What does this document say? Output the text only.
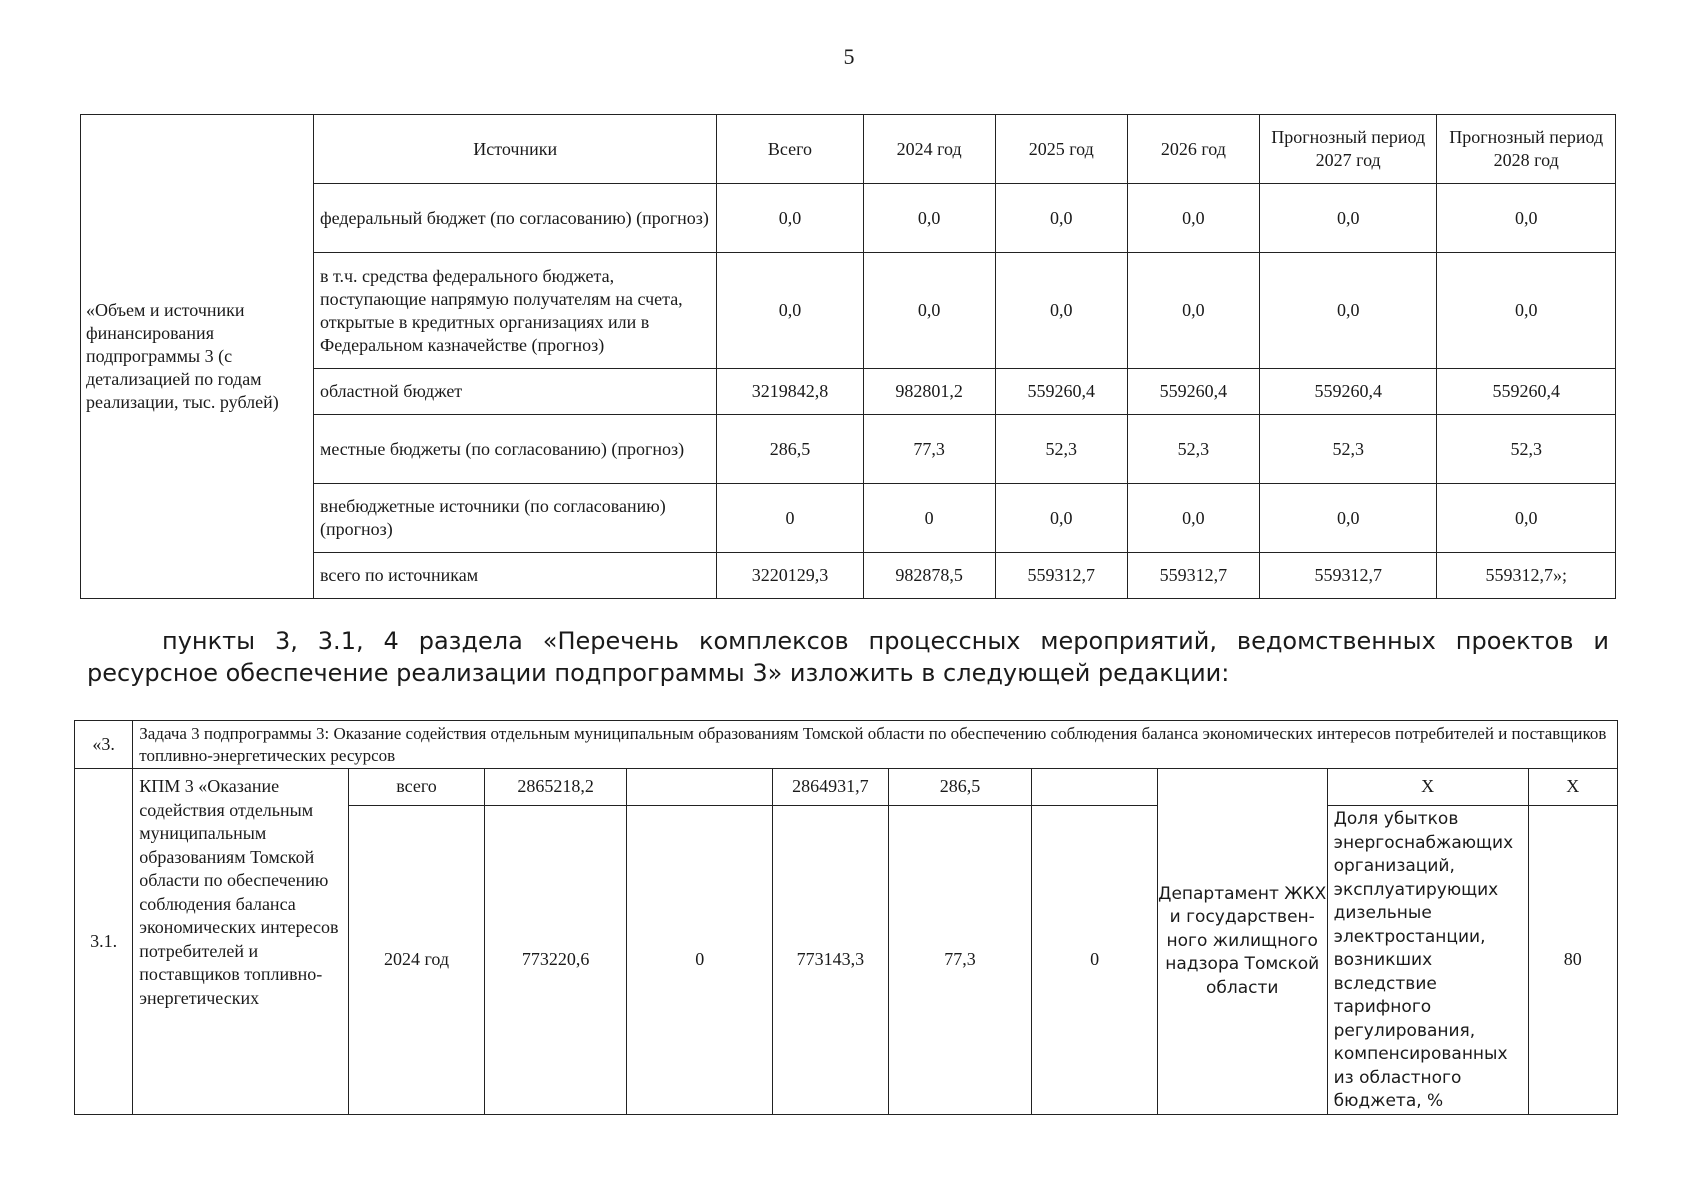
5
«Объем и источники финансирования подпрограммы 3 (с детализацией по годам реализации, тыс. рублей)	Источники	Всего	2024 год	2025 год	2026 год	Прогнозный период 2027 год	Прогнозный период 2028 год
	федеральный бюджет (по согласованию) (прогноз)	0,0	0,0	0,0	0,0	0,0	0,0
	в т.ч. средства федерального бюджета, поступающие напрямую получателям на счета, открытые в кредитных организациях или в Федеральном казначействе (прогноз)	0,0	0,0	0,0	0,0	0,0	0,0
	областной бюджет	3219842,8	982801,2	559260,4	559260,4	559260,4	559260,4
	местные бюджеты (по согласованию) (прогноз)	286,5	77,3	52,3	52,3	52,3	52,3
	внебюджетные источники (по согласованию) (прогноз)	0	0	0,0	0,0	0,0	0,0
	всего по источникам	3220129,3	982878,5	559312,7	559312,7	559312,7	559312,7»;
пункты 3, 3.1, 4 раздела «Перечень комплексов процессных мероприятий, ведомственных проектов и ресурсное обеспечение реализации подпрограммы 3» изложить в следующей редакции:
«3.	Задача 3 подпрограммы 3: Оказание содействия отдельным муниципальным образованиям Томской области по обеспечению соблюдения баланса экономических интересов потребителей и поставщиков топливно-энергетических ресурсов									
3.1.	КПМ 3 «Оказание содействия отдельным муниципальным образованиям Томской области по обеспечению соблюдения баланса экономических интересов потребителей и поставщиков топливно-энергетических	всего	2865218,2		2864931,7	286,5		Департамент ЖКХ и государствен-ного жилищного надзора Томской области	Х	Х
		2024 год	773220,6	0	773143,3	77,3	0		Доля убытков энергоснабжающих организаций, эксплуатирующих дизельные электростанции, возникших вследствие тарифного регулирования, компенсированных из областного бюджета, %	80
